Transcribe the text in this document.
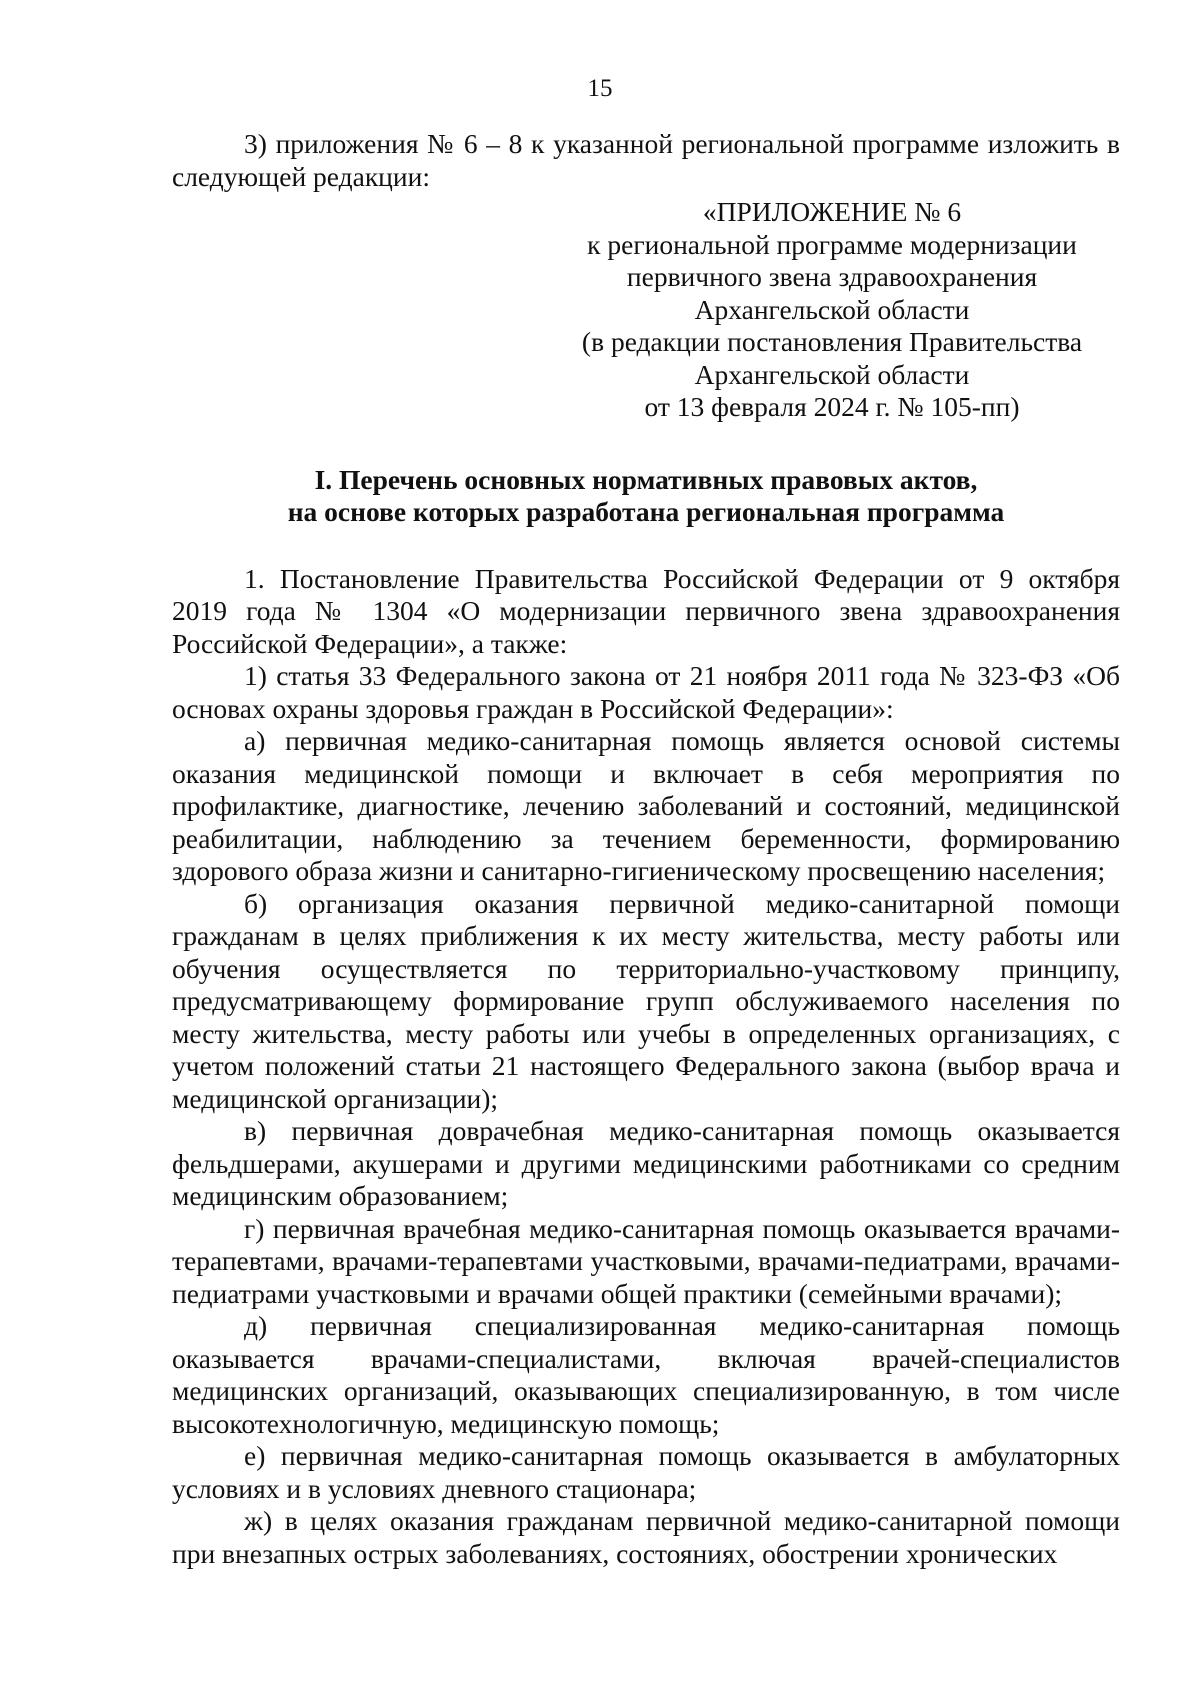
15

3) приложения № 6 – 8 к указанной региональной программе изложить в следующей редакции:

«ПРИЛОЖЕНИЕ № 6
к региональной программе модернизации
первичного звена здравоохранения
Архангельской области
(в редакции постановления Правительства
Архангельской области
от 13 февраля 2024 г. № 105-пп)
I. Перечень основных нормативных правовых актов,
на основе которых разработана региональная программа

1. Постановление Правительства Российской Федерации от 9 октября 2019 года № 1304 «О модернизации первичного звена здравоохранения Российской Федерации», а также:

1) статья 33 Федерального закона от 21 ноября 2011 года № 323-ФЗ «Об основах охраны здоровья граждан в Российской Федерации»:

а) первичная медико-санитарная помощь является основой системы оказания медицинской помощи и включает в себя мероприятия по профилактике, диагностике, лечению заболеваний и состояний, медицинской реабилитации, наблюдению за течением беременности, формированию здорового образа жизни и санитарно-гигиеническому просвещению населения;

б) организация оказания первичной медико-санитарной помощи гражданам в целях приближения к их месту жительства, месту работы или обучения осуществляется по территориально-участковому принципу, предусматривающему формирование групп обслуживаемого населения по месту жительства, месту работы или учебы в определенных организациях, с учетом положений статьи 21 настоящего Федерального закона (выбор врача и медицинской организации);

в) первичная доврачебная медико-санитарная помощь оказывается фельдшерами, акушерами и другими медицинскими работниками со средним медицинским образованием;

г) первичная врачебная медико-санитарная помощь оказывается врачами-терапевтами, врачами-терапевтами участковыми, врачами-педиатрами, врачами-педиатрами участковыми и врачами общей практики (семейными врачами);

д) первичная специализированная медико-санитарная помощь оказывается врачами-специалистами, включая врачей-специалистов медицинских организаций, оказывающих специализированную, в том числе высокотехнологичную, медицинскую помощь;

е) первичная медико-санитарная помощь оказывается в амбулаторных условиях и в условиях дневного стационара;

ж) в целях оказания гражданам первичной медико-санитарной помощи при внезапных острых заболеваниях, состояниях, обострении хронических
